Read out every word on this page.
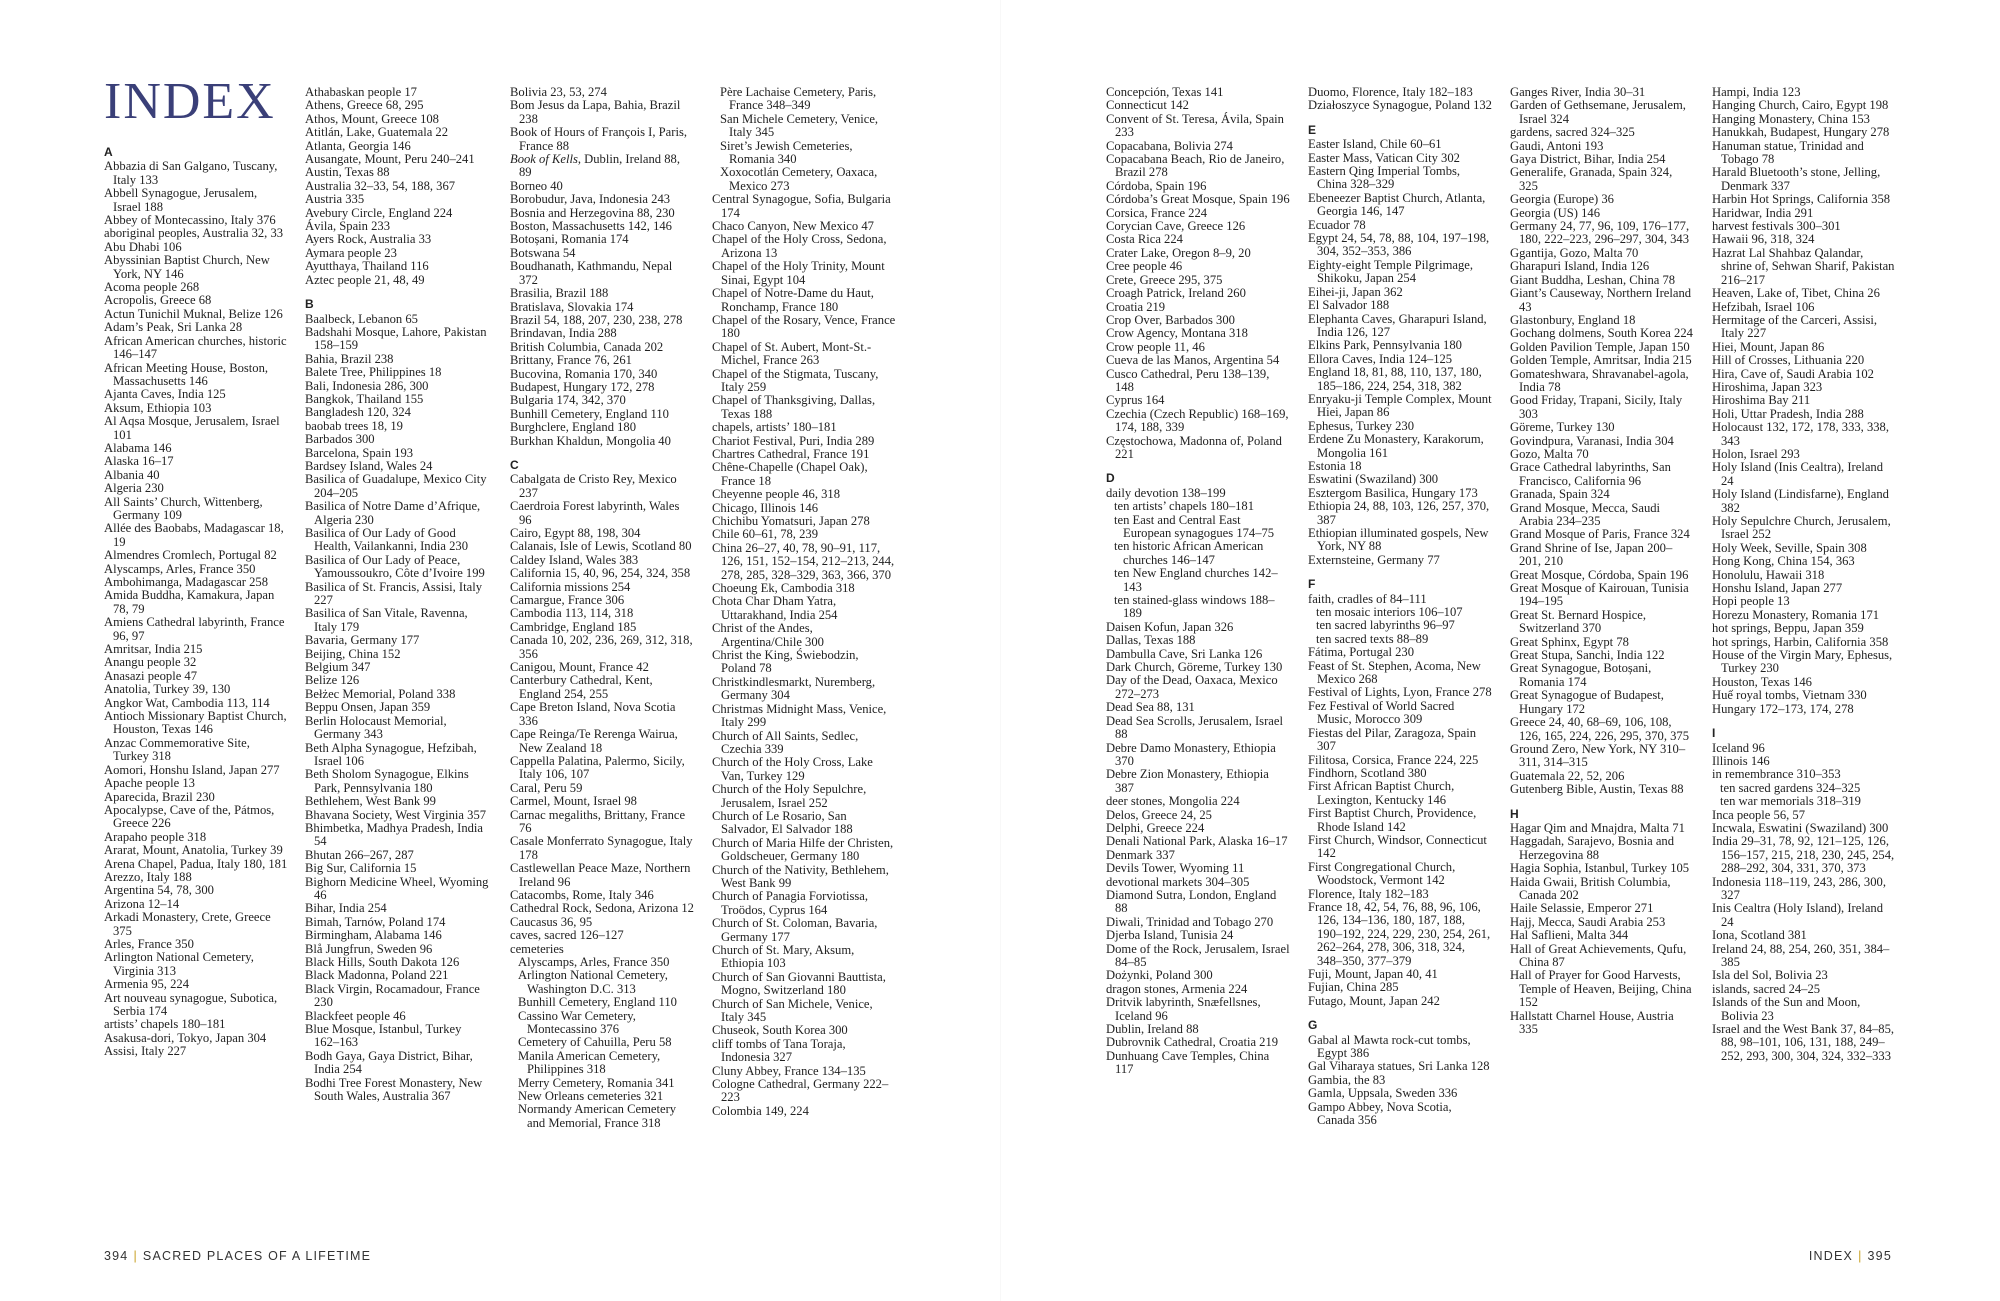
INDEX

A

Abbazia di San Galgano, Tuscany, Italy 133

Abbell Synagogue, Jerusalem, Israel 188

Abbey of Montecassino, Italy 376

aboriginal peoples, Australia 32, 33

Abu Dhabi 106

Abyssinian Baptist Church, New York, NY 146

Acoma people 268

Acropolis, Greece 68

Actun Tunichil Muknal, Belize 126

Adam’s Peak, Sri Lanka 28

African American churches, historic 146–147

African Meeting House, Boston, Massachusetts 146

Ajanta Caves, India 125

Aksum, Ethiopia 103

Al Aqsa Mosque, Jerusalem, Israel 101

Alabama 146

Alaska 16–17

Albania 40

Algeria 230

All Saints’ Church, Wittenberg, Germany 109

Allée des Baobabs, Madagascar 18, 19

Almendres Cromlech, Portugal 82

Alyscamps, Arles, France 350

Ambohimanga, Madagascar 258

Amida Buddha, Kamakura, Japan 78, 79

Amiens Cathedral labyrinth, France 96, 97

Amritsar, India 215

Anangu people 32

Anasazi people 47

Anatolia, Turkey 39, 130

Angkor Wat, Cambodia 113, 114

Antioch Missionary Baptist Church, Houston, Texas 146

Anzac Commemorative Site, Turkey 318

Aomori, Honshu Island, Japan 277

Apache people 13

Aparecida, Brazil 230

Apocalypse, Cave of the, Pátmos, Greece 226

Arapaho people 318

Ararat, Mount, Anatolia, Turkey 39

Arena Chapel, Padua, Italy 180, 181

Arezzo, Italy 188

Argentina 54, 78, 300

Arizona 12–14

Arkadi Monastery, Crete, Greece 375

Arles, France 350

Arlington National Cemetery, Virginia 313

Armenia 95, 224

Art nouveau synagogue, Subotica, Serbia 174

artists’ chapels 180–181

Asakusa-dori, Tokyo, Japan 304

Assisi, Italy 227

Athabaskan people 17

Athens, Greece 68, 295

Athos, Mount, Greece 108

Atitlán, Lake, Guatemala 22

Atlanta, Georgia 146

Ausangate, Mount, Peru 240–241

Austin, Texas 88

Australia 32–33, 54, 188, 367

Austria 335

Avebury Circle, England 224

Ávila, Spain 233

Ayers Rock, Australia 33

Aymara people 23

Ayutthaya, Thailand 116

Aztec people 21, 48, 49

B

Baalbeck, Lebanon 65

Badshahi Mosque, Lahore, Pakistan 158–159

Bahia, Brazil 238

Balete Tree, Philippines 18

Bali, Indonesia 286, 300

Bangkok, Thailand 155

Bangladesh 120, 324

baobab trees 18, 19

Barbados 300

Barcelona, Spain 193

Bardsey Island, Wales 24

Basilica of Guadalupe, Mexico City 204–205

Basilica of Notre Dame d’Afrique, Algeria 230

Basilica of Our Lady of Good Health, Vailankanni, India 230

Basilica of Our Lady of Peace, Yamoussoukro, Côte d’Ivoire 199

Basilica of St. Francis, Assisi, Italy 227

Basilica of San Vitale, Ravenna, Italy 179

Bavaria, Germany 177

Beijing, China 152

Belgium 347

Belize 126

Bełżec Memorial, Poland 338

Beppu Onsen, Japan 359

Berlin Holocaust Memorial, Germany 343

Beth Alpha Synagogue, Hefzibah, Israel 106

Beth Sholom Synagogue, Elkins Park, Pennsylvania 180

Bethlehem, West Bank 99

Bhavana Society, West Virginia 357

Bhimbetka, Madhya Pradesh, India 54

Bhutan 266–267, 287

Big Sur, California 15

Bighorn Medicine Wheel, Wyoming 46

Bihar, India 254

Bimah, Tarnów, Poland 174

Birmingham, Alabama 146

Blå Jungfrun, Sweden 96

Black Hills, South Dakota 126

Black Madonna, Poland 221

Black Virgin, Rocamadour, France 230

Blackfeet people 46

Blue Mosque, Istanbul, Turkey 162–163

Bodh Gaya, Gaya District, Bihar, India 254

Bodhi Tree Forest Monastery, New South Wales, Australia 367

Bolivia 23, 53, 274

Bom Jesus da Lapa, Bahia, Brazil 238

Book of Hours of François I, Paris, France 88

Book of Kells, Dublin, Ireland 88, 89

Borneo 40

Borobudur, Java, Indonesia 243

Bosnia and Herzegovina 88, 230

Boston, Massachusetts 142, 146

Botoșani, Romania 174

Botswana 54

Boudhanath, Kathmandu, Nepal 372

Brasilia, Brazil 188

Bratislava, Slovakia 174

Brazil 54, 188, 207, 230, 238, 278

Brindavan, India 288

British Columbia, Canada 202

Brittany, France 76, 261

Bucovina, Romania 170, 340

Budapest, Hungary 172, 278

Bulgaria 174, 342, 370

Bunhill Cemetery, England 110

Burghclere, England 180

Burkhan Khaldun, Mongolia 40

C

Cabalgata de Cristo Rey, Mexico 237

Caerdroia Forest labyrinth, Wales 96

Cairo, Egypt 88, 198, 304

Calanais, Isle of Lewis, Scotland 80

Caldey Island, Wales 383

California 15, 40, 96, 254, 324, 358

California missions 254

Camargue, France 306

Cambodia 113, 114, 318

Cambridge, England 185

Canada 10, 202, 236, 269, 312, 318, 356

Canigou, Mount, France 42

Canterbury Cathedral, Kent, England 254, 255

Cape Breton Island, Nova Scotia 336

Cape Reinga/Te Rerenga Wairua, New Zealand 18

Cappella Palatina, Palermo, Sicily, Italy 106, 107

Caral, Peru 59

Carmel, Mount, Israel 98

Carnac megaliths, Brittany, France 76

Casale Monferrato Synagogue, Italy 178

Castlewellan Peace Maze, Northern Ireland 96

Catacombs, Rome, Italy 346

Cathedral Rock, Sedona, Arizona 12

Caucasus 36, 95

caves, sacred 126–127

cemeteries

Alyscamps, Arles, France 350

Arlington National Cemetery, Washington D.C. 313

Bunhill Cemetery, England 110

Cassino War Cemetery, Montecassino 376

Cemetery of Cahuilla, Peru 58

Manila American Cemetery, Philippines 318

Merry Cemetery, Romania 341

New Orleans cemeteries 321

Normandy American Cemetery and Memorial, France 318

Père Lachaise Cemetery, Paris, France 348–349

San Michele Cemetery, Venice, Italy 345

Siret’s Jewish Cemeteries, Romania 340

Xoxocotlán Cemetery, Oaxaca, Mexico 273

Central Synagogue, Sofia, Bulgaria 174

Chaco Canyon, New Mexico 47

Chapel of the Holy Cross, Sedona, Arizona 13

Chapel of the Holy Trinity, Mount Sinai, Egypt 104

Chapel of Notre-Dame du Haut, Ronchamp, France 180

Chapel of the Rosary, Vence, France 180

Chapel of St. Aubert, Mont-St.-Michel, France 263

Chapel of the Stigmata, Tuscany, Italy 259

Chapel of Thanksgiving, Dallas, Texas 188

chapels, artists’ 180–181

Chariot Festival, Puri, India 289

Chartres Cathedral, France 191

Chêne-Chapelle (Chapel Oak), France 18

Cheyenne people 46, 318

Chicago, Illinois 146

Chichibu Yomatsuri, Japan 278

Chile 60–61, 78, 239

China 26–27, 40, 78, 90–91, 117, 126, 151, 152–154, 212–213, 244, 278, 285, 328–329, 363, 366, 370

Choeung Ek, Cambodia 318

Chota Char Dham Yatra, Uttarakhand, India 254

Christ of the Andes, Argentina/Chile 300

Christ the King, Świebodzin, Poland 78

Christkindlesmarkt, Nuremberg, Germany 304

Christmas Midnight Mass, Venice, Italy 299

Church of All Saints, Sedlec, Czechia 339

Church of the Holy Cross, Lake Van, Turkey 129

Church of the Holy Sepulchre, Jerusalem, Israel 252

Church of Le Rosario, San Salvador, El Salvador 188

Church of Maria Hilfe der Christen, Goldscheuer, Germany 180

Church of the Nativity, Bethlehem, West Bank 99

Church of Panagia Forviotissa, Troödos, Cyprus 164

Church of St. Coloman, Bavaria, Germany 177

Church of St. Mary, Aksum, Ethiopia 103

Church of San Giovanni Bauttista, Mogno, Switzerland 180

Church of San Michele, Venice, Italy 345

Chuseok, South Korea 300

cliff tombs of Tana Toraja, Indonesia 327

Cluny Abbey, France 134–135

Cologne Cathedral, Germany 222–223

Colombia 149, 224

Concepción, Texas 141

Connecticut 142

Convent of St. Teresa, Ávila, Spain 233

Copacabana, Bolivia 274

Copacabana Beach, Rio de Janeiro, Brazil 278

Córdoba, Spain 196

Córdoba’s Great Mosque, Spain 196

Corsica, France 224

Corycian Cave, Greece 126

Costa Rica 224

Crater Lake, Oregon 8–9, 20

Cree people 46

Crete, Greece 295, 375

Croagh Patrick, Ireland 260

Croatia 219

Crop Over, Barbados 300

Crow Agency, Montana 318

Crow people 11, 46

Cueva de las Manos, Argentina 54

Cusco Cathedral, Peru 138–139, 148

Cyprus 164

Czechia (Czech Republic) 168–169, 174, 188, 339

Częstochowa, Madonna of, Poland 221

D

daily devotion 138–199

ten artists’ chapels 180–181

ten East and Central East European synagogues 174–75

ten historic African American churches 146–147

ten New England churches 142–143

ten stained-glass windows 188–189

Daisen Kofun, Japan 326

Dallas, Texas 188

Dambulla Cave, Sri Lanka 126

Dark Church, Göreme, Turkey 130

Day of the Dead, Oaxaca, Mexico 272–273

Dead Sea 88, 131

Dead Sea Scrolls, Jerusalem, Israel 88

Debre Damo Monastery, Ethiopia 370

Debre Zion Monastery, Ethiopia 387

deer stones, Mongolia 224

Delos, Greece 24, 25

Delphi, Greece 224

Denali National Park, Alaska 16–17

Denmark 337

Devils Tower, Wyoming 11

devotional markets 304–305

Diamond Sutra, London, England 88

Diwali, Trinidad and Tobago 270

Djerba Island, Tunisia 24

Dome of the Rock, Jerusalem, Israel 84–85

Dożynki, Poland 300

dragon stones, Armenia 224

Dritvik labyrinth, Snæfellsnes, Iceland 96

Dublin, Ireland 88

Dubrovnik Cathedral, Croatia 219

Dunhuang Cave Temples, China 117

Duomo, Florence, Italy 182–183

Działoszyce Synagogue, Poland 132

E

Easter Island, Chile 60–61

Easter Mass, Vatican City 302

Eastern Qing Imperial Tombs, China 328–329

Ebeneezer Baptist Church, Atlanta, Georgia 146, 147

Ecuador 78

Egypt 24, 54, 78, 88, 104, 197–198, 304, 352–353, 386

Eighty-eight Temple Pilgrimage, Shikoku, Japan 254

Eihei-ji, Japan 362

El Salvador 188

Elephanta Caves, Gharapuri Island, India 126, 127

Elkins Park, Pennsylvania 180

Ellora Caves, India 124–125

England 18, 81, 88, 110, 137, 180, 185–186, 224, 254, 318, 382

Enryaku-ji Temple Complex, Mount Hiei, Japan 86

Ephesus, Turkey 230

Erdene Zu Monastery, Karakorum, Mongolia 161

Estonia 18

Eswatini (Swaziland) 300

Esztergom Basilica, Hungary 173

Ethiopia 24, 88, 103, 126, 257, 370, 387

Ethiopian illuminated gospels, New York, NY 88

Externsteine, Germany 77

F

faith, cradles of 84–111

ten mosaic interiors 106–107

ten sacred labyrinths 96–97

ten sacred texts 88–89

Fátima, Portugal 230

Feast of St. Stephen, Acoma, New Mexico 268

Festival of Lights, Lyon, France 278

Fez Festival of World Sacred Music, Morocco 309

Fiestas del Pilar, Zaragoza, Spain 307

Filitosa, Corsica, France 224, 225

Findhorn, Scotland 380

First African Baptist Church, Lexington, Kentucky 146

First Baptist Church, Providence, Rhode Island 142

First Church, Windsor, Connecticut 142

First Congregational Church, Woodstock, Vermont 142

Florence, Italy 182–183

France 18, 42, 54, 76, 88, 96, 106, 126, 134–136, 180, 187, 188, 190–192, 224, 229, 230, 254, 261, 262–264, 278, 306, 318, 324, 348–350, 377–379

Fuji, Mount, Japan 40, 41

Fujian, China 285

Futago, Mount, Japan 242

G

Gabal al Mawta rock-cut tombs, Egypt 386

Gal Viharaya statues, Sri Lanka 128

Gambia, the 83

Gamla, Uppsala, Sweden 336

Gampo Abbey, Nova Scotia, Canada 356

Ganges River, India 30–31

Garden of Gethsemane, Jerusalem, Israel 324

gardens, sacred 324–325

Gaudi, Antoni 193

Gaya District, Bihar, India 254

Generalife, Granada, Spain 324, 325

Georgia (Europe) 36

Georgia (US) 146

Germany 24, 77, 96, 109, 176–177, 180, 222–223, 296–297, 304, 343

Ggantija, Gozo, Malta 70

Gharapuri Island, India 126

Giant Buddha, Leshan, China 78

Giant’s Causeway, Northern Ireland 43

Glastonbury, England 18

Gochang dolmens, South Korea 224

Golden Pavilion Temple, Japan 150

Golden Temple, Amritsar, India 215

Gomateshwara, Shravanabel-agola, India 78

Good Friday, Trapani, Sicily, Italy 303

Göreme, Turkey 130

Govindpura, Varanasi, India 304

Gozo, Malta 70

Grace Cathedral labyrinths, San Francisco, California 96

Granada, Spain 324

Grand Mosque, Mecca, Saudi Arabia 234–235

Grand Mosque of Paris, France 324

Grand Shrine of Ise, Japan 200–201, 210

Great Mosque, Córdoba, Spain 196

Great Mosque of Kairouan, Tunisia 194–195

Great St. Bernard Hospice, Switzerland 370

Great Sphinx, Egypt 78

Great Stupa, Sanchi, India 122

Great Synagogue, Botoșani, Romania 174

Great Synagogue of Budapest, Hungary 172

Greece 24, 40, 68–69, 106, 108, 126, 165, 224, 226, 295, 370, 375

Ground Zero, New York, NY 310–311, 314–315

Guatemala 22, 52, 206

Gutenberg Bible, Austin, Texas 88

H

Hagar Qim and Mnajdra, Malta 71

Haggadah, Sarajevo, Bosnia and Herzegovina 88

Hagia Sophia, Istanbul, Turkey 105

Haida Gwaii, British Columbia, Canada 202

Haile Selassie, Emperor 271

Hajj, Mecca, Saudi Arabia 253

Hal Saflieni, Malta 344

Hall of Great Achievements, Qufu, China 87

Hall of Prayer for Good Harvests, Temple of Heaven, Beijing, China 152

Hallstatt Charnel House, Austria 335

Hampi, India 123

Hanging Church, Cairo, Egypt 198

Hanging Monastery, China 153

Hanukkah, Budapest, Hungary 278

Hanuman statue, Trinidad and Tobago 78

Harald Bluetooth’s stone, Jelling, Denmark 337

Harbin Hot Springs, California 358

Haridwar, India 291

harvest festivals 300–301

Hawaii 96, 318, 324

Hazrat Lal Shahbaz Qalandar, shrine of, Sehwan Sharif, Pakistan 216–217

Heaven, Lake of, Tibet, China 26

Hefzibah, Israel 106

Hermitage of the Carceri, Assisi, Italy 227

Hiei, Mount, Japan 86

Hill of Crosses, Lithuania 220

Hira, Cave of, Saudi Arabia 102

Hiroshima, Japan 323

Hiroshima Bay 211

Holi, Uttar Pradesh, India 288

Holocaust 132, 172, 178, 333, 338, 343

Holon, Israel 293

Holy Island (Inis Cealtra), Ireland 24

Holy Island (Lindisfarne), England 382

Holy Sepulchre Church, Jerusalem, Israel 252

Holy Week, Seville, Spain 308

Hong Kong, China 154, 363

Honolulu, Hawaii 318

Honshu Island, Japan 277

Hopi people 13

Horezu Monastery, Romania 171

hot springs, Beppu, Japan 359

hot springs, Harbin, California 358

House of the Virgin Mary, Ephesus, Turkey 230

Houston, Texas 146

Huế royal tombs, Vietnam 330

Hungary 172–173, 174, 278

I

Iceland 96

Illinois 146

in remembrance 310–353

ten sacred gardens 324–325

ten war memorials 318–319

Inca people 56, 57

Incwala, Eswatini (Swaziland) 300

India 29–31, 78, 92, 121–125, 126, 156–157, 215, 218, 230, 245, 254, 288–292, 304, 331, 370, 373

Indonesia 118–119, 243, 286, 300, 327

Inis Cealtra (Holy Island), Ireland 24

Iona, Scotland 381

Ireland 24, 88, 254, 260, 351, 384–385

Isla del Sol, Bolivia 23

islands, sacred 24–25

Islands of the Sun and Moon, Bolivia 23

Israel and the West Bank 37, 84–85, 88, 98–101, 106, 131, 188, 249–252, 293, 300, 304, 324, 332–333

394 | SACRED PLACES OF A LIFETIME	INDEX | 395
